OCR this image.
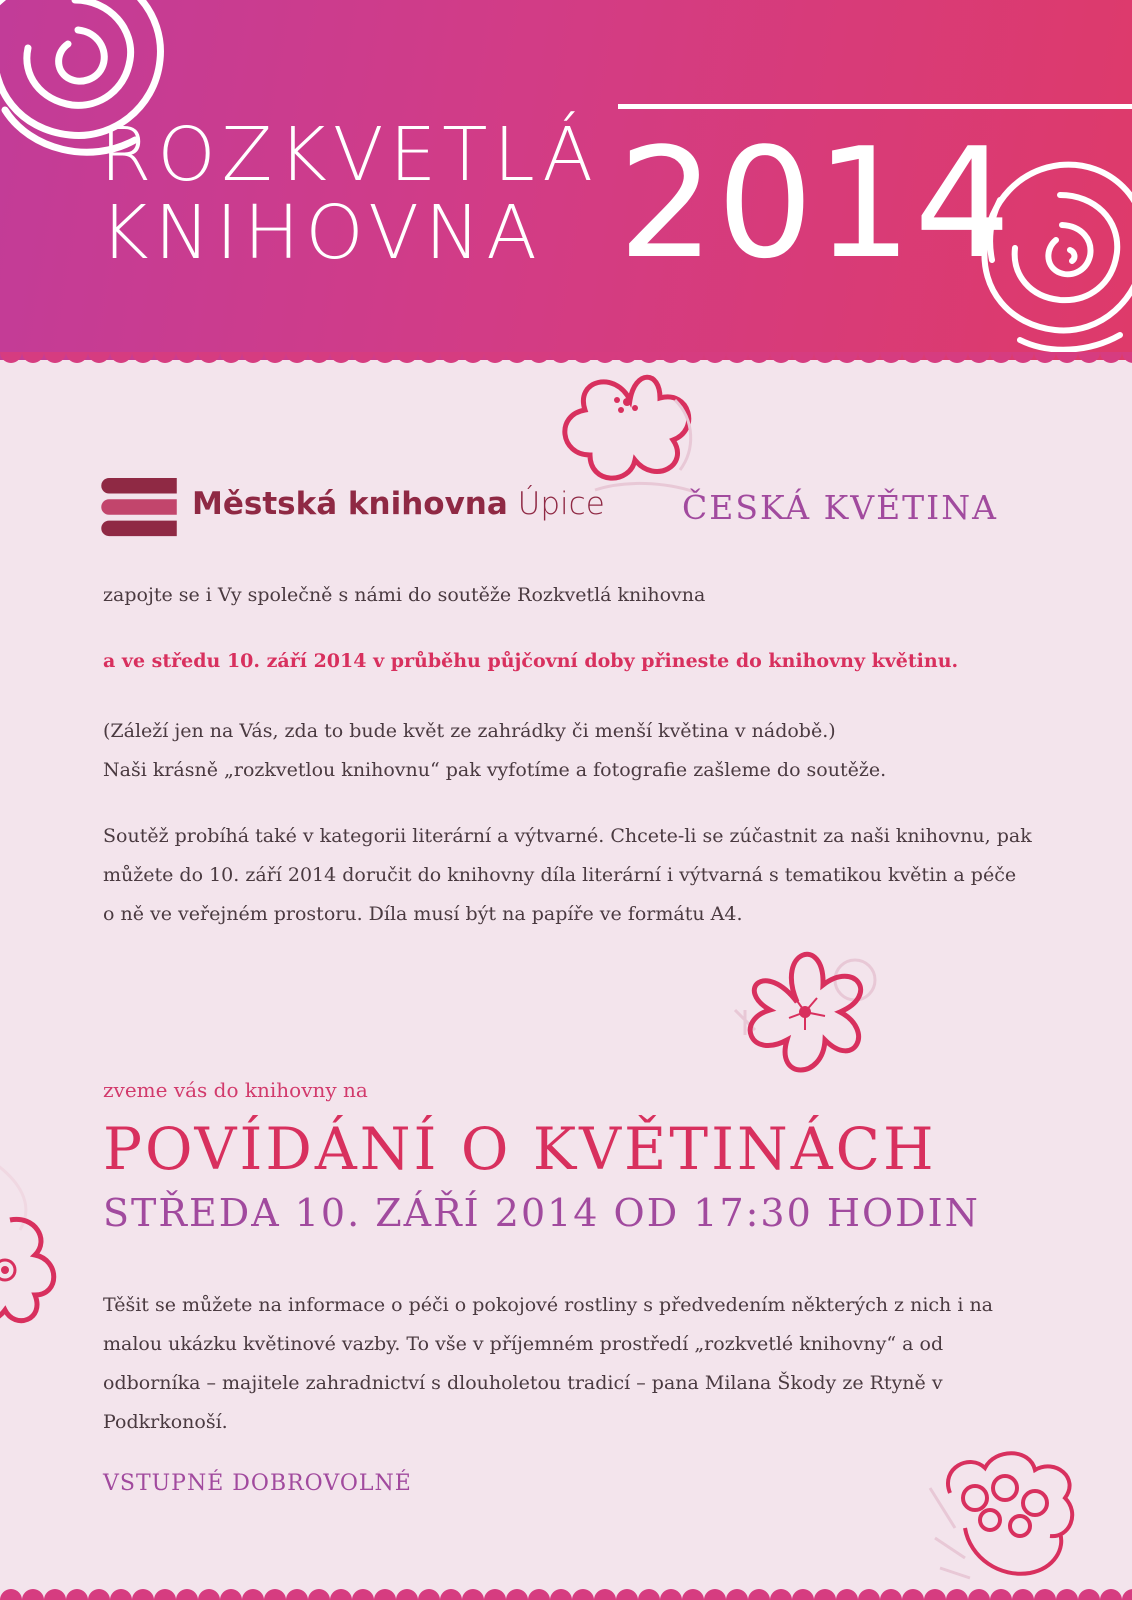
ROZKVETLÁ
KNIHOVNA 2014
Městská knihovna Úpice ČESKÁ KVĚTINA
zapojte se i Vy společně s námi do soutěže Rozkvetlá knihovna
a ve středu 10. září 2014 v průběhu půjčovní doby přineste do knihovny květinu.
(Záleží jen na Vás, zda to bude květ ze zahrádky či menší květina v nádobě.)
Naši krásně „rozkvetlou knihovnu“ pak vyfotíme a fotografie zašleme do soutěže.
Soutěž probíhá také v kategorii literární a výtvarné. Chcete-li se zúčastnit za naši knihovnu, pak můžete do 10. září 2014 doručit do knihovny díla literární i výtvarná s tematikou květin a péče o ně ve veřejném prostoru. Díla musí být na papíře ve formátu A4.
zveme vás do knihovny na
POVÍDÁNÍ O KVĚTINÁCH
STŘEDA 10. ZÁŘÍ 2014 OD 17:30 HODIN
Těšit se můžete na informace o péči o pokojové rostliny s předvedením některých z nich i na malou ukázku květinové vazby. To vše v příjemném prostředí „rozkvetlé knihovny“ a od odborníka – majitele zahradnictví s dlouholetou tradicí – pana Milana Škody ze Rtyně v Podkrkonoší.
VSTUPNÉ DOBROVOLNÉ
